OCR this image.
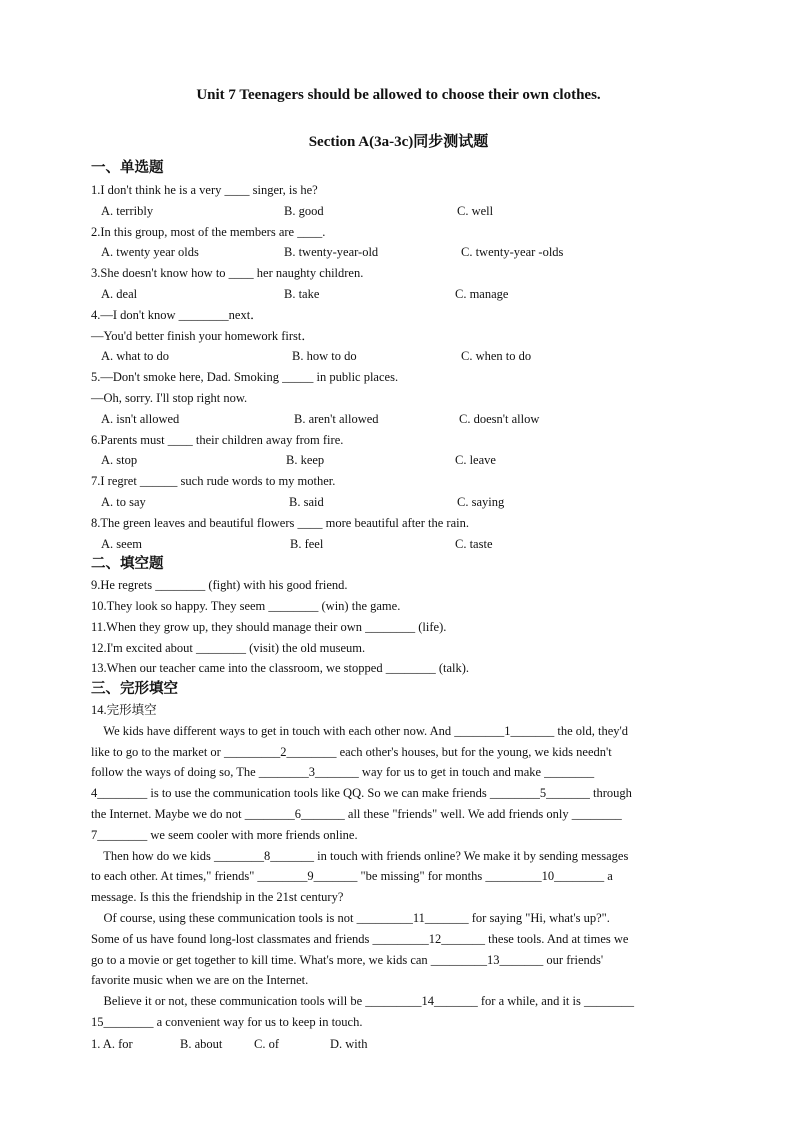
Unit 7 Teenagers should be allowed to choose their own clothes.
Section A(3a-3c)同步测试题
一、单选题
1.I don't think he is a very ____ singer, is he?
A. terribly	B. good	C. well
2.In this group, most of the members are ____.
A. twenty year olds	B. twenty-year-old	C. twenty-year -olds
3.She doesn't know how to ____ her naughty children.
A. deal	B. take	C. manage
4.—I don't know ________next．
—You'd better finish your homework first．
A. what to do	B. how to do	C. when to do
5.—Don't smoke here, Dad. Smoking _____ in public places.
—Oh, sorry. I'll stop right now.
A. isn't allowed	B. aren't allowed	C. doesn't allow
6.Parents must ____ their children away from fire.
A. stop	B. keep	C. leave
7.I regret ______ such rude words to my mother.
A. to say	B. said	C. saying
8.The green leaves and beautiful flowers ____ more beautiful after the rain.
A. seem	B. feel	C. taste
二、填空题
9.He regrets ________ (fight) with his good friend.
10.They look so happy. They seem ________ (win) the game.
11.When they grow up, they should manage their own ________ (life).
12.I'm excited about ________ (visit) the old museum.
13.When our teacher came into the classroom, we stopped ________ (talk).
三、完形填空
14.完形填空
We kids have different ways to get in touch with each other now. And ________1_______ the old, they'd
like to go to the market or _________2________ each other's houses, but for the young, we kids needn't
follow the ways of doing so, The ________3_______ way for us to get in touch and make ________
4________ is to use the communication tools like QQ. So we can make friends ________5_______ through
the Internet. Maybe we do not ________6_______ all these "friends" well. We add friends only ________
7________ we seem cooler with more friends online.
Then how do we kids ________8_______ in touch with friends online? We make it by sending messages
to each other. At times," friends" ________9_______ "be missing" for months _________10________ a
message. Is this the friendship in the 21st century?
Of course, using these communication tools is not _________11_______ for saying "Hi, what's up?".
Some of us have found long-lost classmates and friends _________12_______ these tools. And at times we
go to a movie or get together to kill time. What's more, we kids can _________13_______ our friends'
favorite music when we are on the Internet.
Believe it or not, these communication tools will be _________14_______ for a while, and it is ________
15________ a convenient way for us to keep in touch.
1. A. for	B. about	C. of	D. with
